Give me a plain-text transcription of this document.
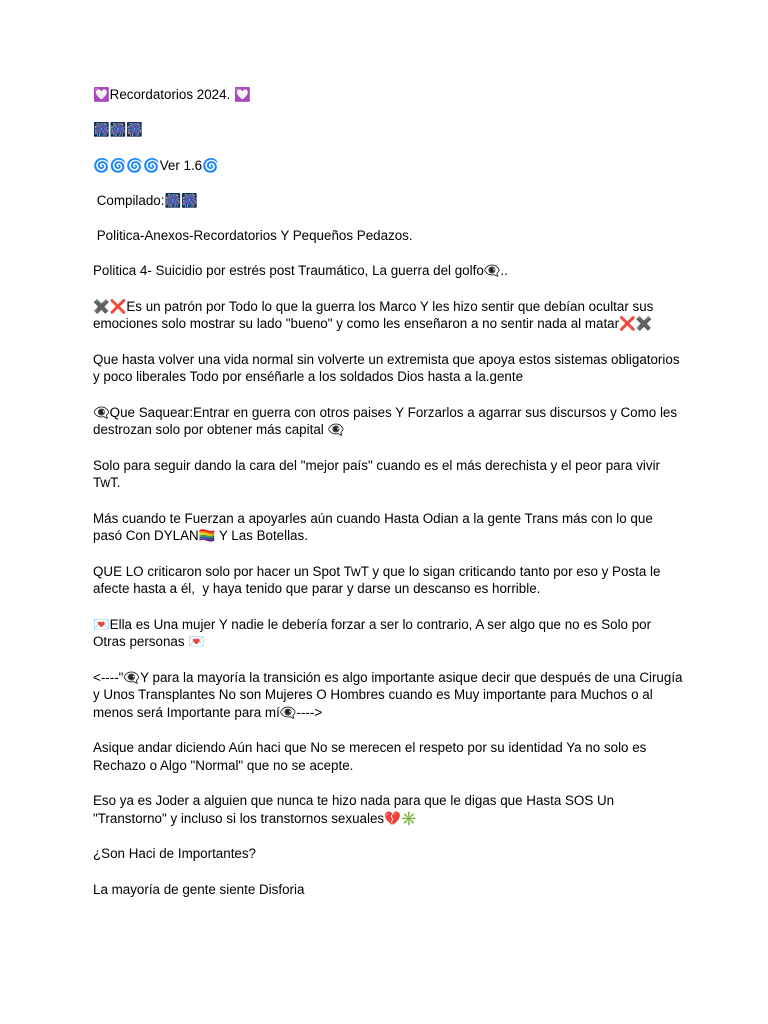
💟Recordatorios 2024. 💟

🎆🎆🎆

🌀🌀🌀🌀Ver 1.6🌀

Compilado:🎆🎆

Politica-Anexos-Recordatorios Y Pequeños Pedazos.

Politica 4- Suicidio por estrés post Traumático, La guerra del golfo👁‍🗨..

✖️❌Es un patrón por Todo lo que la guerra los Marco Y les hizo sentir que debían ocultar sus emociones solo mostrar su lado "bueno" y como les enseñaron a no sentir nada al matar❌✖️

Que hasta volver una vida normal sin volverte un extremista que apoya estos sistemas obligatorios y poco liberales Todo por enséñarle a los soldados Dios hasta a la.gente

👁‍🗨Que Saquear:Entrar en guerra con otros paises Y Forzarlos a agarrar sus discursos y Como les destrozan solo por obtener más capital 👁‍🗨

Solo para seguir dando la cara del "mejor país" cuando es el más derechista y el peor para vivir TwT.

Más cuando te Fuerzan a apoyarles aún cuando Hasta Odian a la gente Trans más con lo que pasó Con DYLAN🏳️‍🌈 Y Las Botellas.

QUE LO criticaron solo por hacer un Spot TwT y que lo sigan criticando tanto por eso y Posta le afecte hasta a él,  y haya tenido que parar y darse un descanso es horrible.

💌Ella es Una mujer Y nadie le debería forzar a ser lo contrario, A ser algo que no es Solo por Otras personas 💌

<----"👁‍🗨Y para la mayoría la transición es algo importante asique decir que después de una Cirugía y Unos Transplantes No son Mujeres O Hombres cuando es Muy importante para Muchos o al menos será Importante para mí👁‍🗨---->

Asique andar diciendo Aún haci que No se merecen el respeto por su identidad Ya no solo es Rechazo o Algo "Normal" que no se acepte.

Eso ya es Joder a alguien que nunca te hizo nada para que le digas que Hasta SOS Un "Transtorno" y incluso si los transtornos sexuales💔✳️

¿Son Haci de Importantes?

La mayoría de gente siente Disforia
